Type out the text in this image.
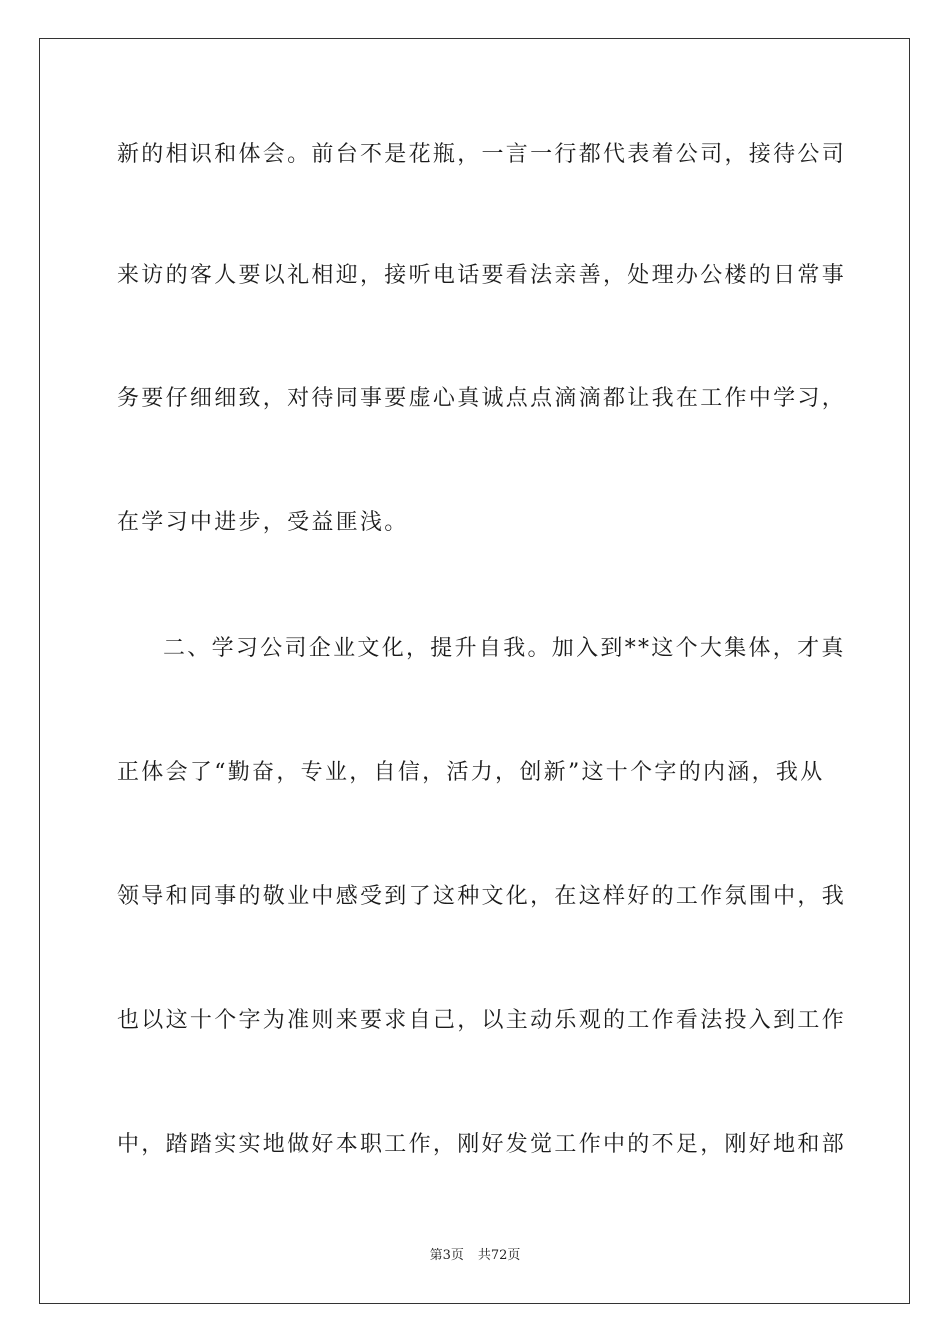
新的相识和体会。前台不是花瓶，一言一行都代表着公司，接待公司
来访的客人要以礼相迎，接听电话要看法亲善，处理办公楼的日常事
务要仔细细致，对待同事要虚心真诚点点滴滴都让我在工作中学习，
在学习中进步，受益匪浅。
二、学习公司企业文化，提升自我。加入到**这个大集体，才真
正体会了“勤奋，专业，自信，活力，创新”这十个字的内涵，我从
领导和同事的敬业中感受到了这种文化，在这样好的工作氛围中，我
也以这十个字为准则来要求自己，以主动乐观的工作看法投入到工作
中，踏踏实实地做好本职工作，刚好发觉工作中的不足，刚好地和部
第3页 共72页
